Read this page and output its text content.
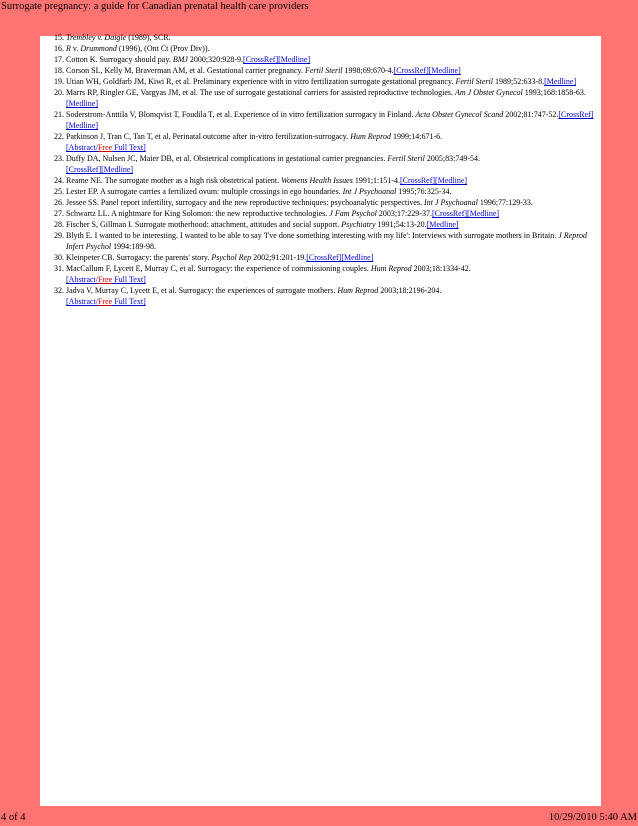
Surrogate pregnancy: a guide for Canadian prenatal health care providers
15. Trembley v. Daigle (1989), SCR.
16. R v. Drummond (1996), (Ont Ct (Prov Div)).
17. Cotton K. Surrogacy should pay. BMJ 2000;320:928-9.[CrossRef][Medline]
18. Corson SL, Kelly M, Braverman AM, et al. Gestational carrier pregnancy. Fertil Steril 1998;69:670-4.[CrossRef][Medline]
19. Utian WH, Goldfarb JM, Kiwi R, et al. Preliminary experience with in vitro fertilization surrogate gestational pregnancy. Fertil Steril 1989;52:633-8.[Medline]
20. Marrs RP, Ringler GE, Vargyas JM, et al. The use of surrogate gestational carriers for assisted reproductive technologies. Am J Obstet Gynecol 1993;168:1858-63.[Medline]
21. Soderstrom-Anttila V, Blomqvist T, Foudila T, et al. Experience of in vitro fertilization surrogacy in Finland. Acta Obstet Gynecol Scand 2002;81:747-52.[CrossRef][Medline]
22. Parkinson J, Tran C, Tan T, et al. Perinatal outcome after in-vitro fertilization-surrogacy. Hum Reprod 1999;14:671-6.
[Abstract/Free Full Text]
23. Duffy DA, Nulsen JC, Maier DB, et al. Obstetrical complications in gestational carrier pregnancies. Fertil Steril 2005;83:749-54.
[CrossRef][Medline]
24. Reame NE. The surrogate mother as a high risk obstetrical patient. Womens Health Issues 1991;1:151-4.[CrossRef][Medline]
25. Lester EP. A surrogate carries a fertilized ovum: multiple crossings in ego boundaries. Int J Psychoanal 1995;76:325-34.
26. Jessee SS. Panel report infertility, surrogacy and the new reproductive techniques: psychoanalytic perspectives. Int J Psychoanal 1996;77:129-33.
27. Schwartz LL. A nightmare for King Solomon: the new reproductive technologies. J Fam Psychol 2003;17:229-37.[CrossRef][Medline]
28. Fischer S, Gillman I. Surrogate motherhood: attachment, attitudes and social support. Psychiatry 1991;54:13-20.[Medline]
29. Blyth E. I wanted to be interesting. I wanted to be able to say 'I've done something interesting with my life': Interviews with surrogate mothers in Britain. J Reprod Infert Psychol 1994:189-98.
30. Kleinpeter CB. Surrogacy: the parents' story. Psychol Rep 2002;91:201-19.[CrossRef][Medline]
31. MacCallum F, Lycett E, Murray C, et al. Surrogacy: the experience of commissioning couples. Hum Reprod 2003;18:1334-42.
[Abstract/Free Full Text]
32. Jadva V, Murray C, Lycett E, et al. Surrogacy: the experiences of surrogate mothers. Hum Reprod 2003;18:2196-204.
[Abstract/Free Full Text]
4 of 4	10/29/2010 5:40 AM
